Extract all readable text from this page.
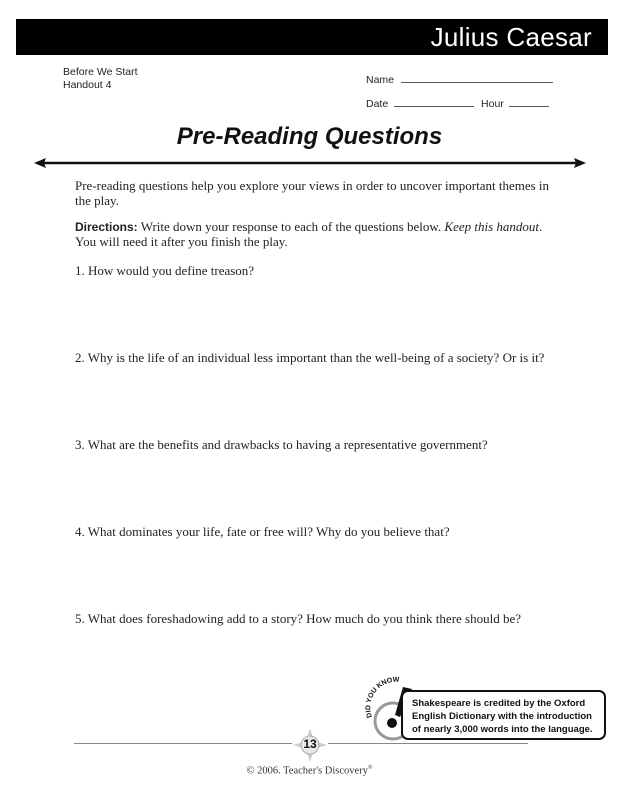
Julius Caesar
Before We Start
Handout 4	Name
Date	Hour
Pre-Reading Questions
Pre-reading questions help you explore your views in order to uncover important themes in the play.
Directions: Write down your response to each of the questions below. Keep this handout. You will need it after you finish the play.
1. How would you define treason?
2. Why is the life of an individual less important than the well-being of a society? Or is it?
3. What are the benefits and drawbacks to having a representative government?
4. What dominates your life, fate or free will? Why do you believe that?
5. What does foreshadowing add to a story? How much do you think there should be?
DID YOU KNOW
Shakespeare is credited by the Oxford English Dictionary with the introduction of nearly 3,000 words into the language.
13
© 2006. Teacher's Discovery®
